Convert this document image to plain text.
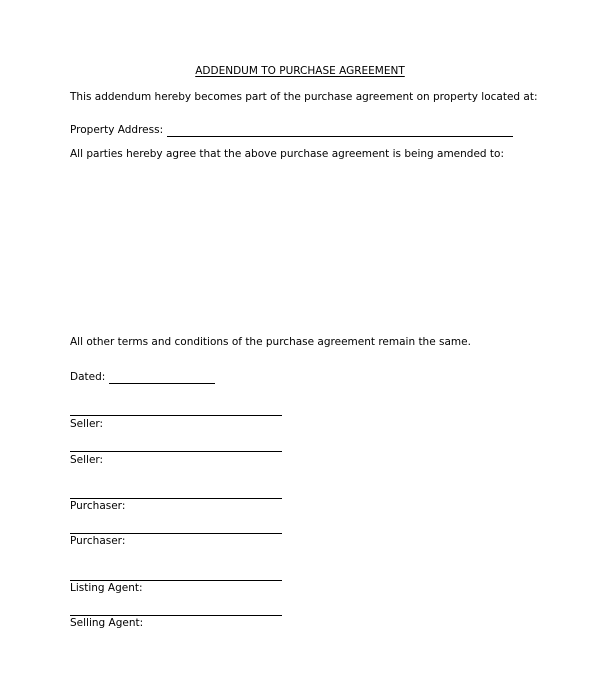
ADDENDUM TO PURCHASE AGREEMENT
This addendum hereby becomes part of the purchase agreement on property located at:
Property Address:
All parties hereby agree that the above purchase agreement is being amended to:
All other terms and conditions of the purchase agreement remain the same.
Dated:
Seller:
Seller:
Purchaser:
Purchaser:
Listing Agent:
Selling Agent:
